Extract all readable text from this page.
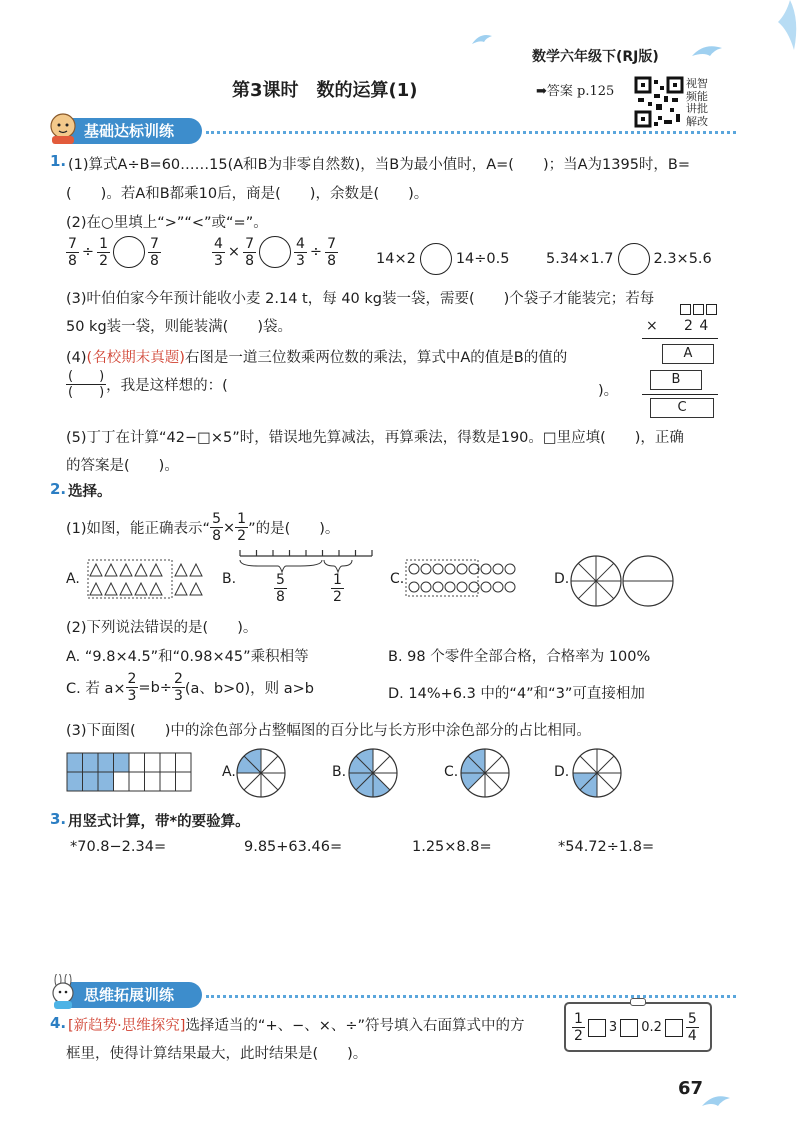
数学六年级下(RJ版)
第3课时　数的运算(1)	➡答案 p.125
视智
频能
讲批
解改
基础达标训练
1. (1)算式A÷B=60……15(A和B为非零自然数)，当B为最小值时，A=(　　)；当A为1395时，B=
(　　)。若A和B都乘10后，商是(　　)，余数是(　　)。
(2)在○里填上“>”“<”或“=”。
$\frac{7}{8} \div \frac{1}{2}$	$\frac{7}{8}$	$\frac{4}{3} \times \frac{7}{8}$	$\frac{4}{3} \div \frac{7}{8}$	14×2	14÷0.5	5.34×1.7	2.3×5.6
(3)叶伯伯家今年预计能收小麦 2.14 t，每 40 kg装一袋，需要(　　)个袋子才能装完；若每
50 kg装一袋，则能装满(　　)袋。	× 2 4
A
B
C
(4)(名校期末真题)右图是一道三位数乘两位数的乘法，算式中A的值是B的值的
$\frac{( )}{( )}$ ，我是这样想的：(	)。
(5)丁丁在计算“42−□×5”时，错误地先算减法，再算乘法，得数是190。□里应填(　　)，正确
的答案是(　　)。
2. 选择。
(1)如图，能正确表示“ $\frac{5}{8} \times \frac{1}{2}$ ”的是(　　)。
A.	B.	$\frac{5}{8}$	$\frac{1}{2}$	C.	D.
(2)下列说法错误的是(　　)。
A. “9.8×4.5”和“0.98×45”乘积相等	B. 98 个零件全部合格，合格率为 100%
C. 若 $a\times \frac{2}{3} =b\div \frac{2}{3} (a$、b>0)，则 a>b	D. 14%+6.3 中的“4”和“3”可直接相加
(3)下面图(　　)中的涂色部分占整幅图的百分比与长方形中涂色部分的占比相同。
A.	B.	C.	D.
3. 用竖式计算，带*的要验算。
*70.8−2.34=	9.85+63.46=	1.25×8.8=	*54.72÷1.8=
思维拓展训练
4. [新趋势·思维探究]选择适当的“+、−、×、÷”符号填入右面算式中的方
框里，使得计算结果最大，此时结果是(　　)。
$\frac{1}{2} 3$ $0.2 \frac{5}{4}$
67
